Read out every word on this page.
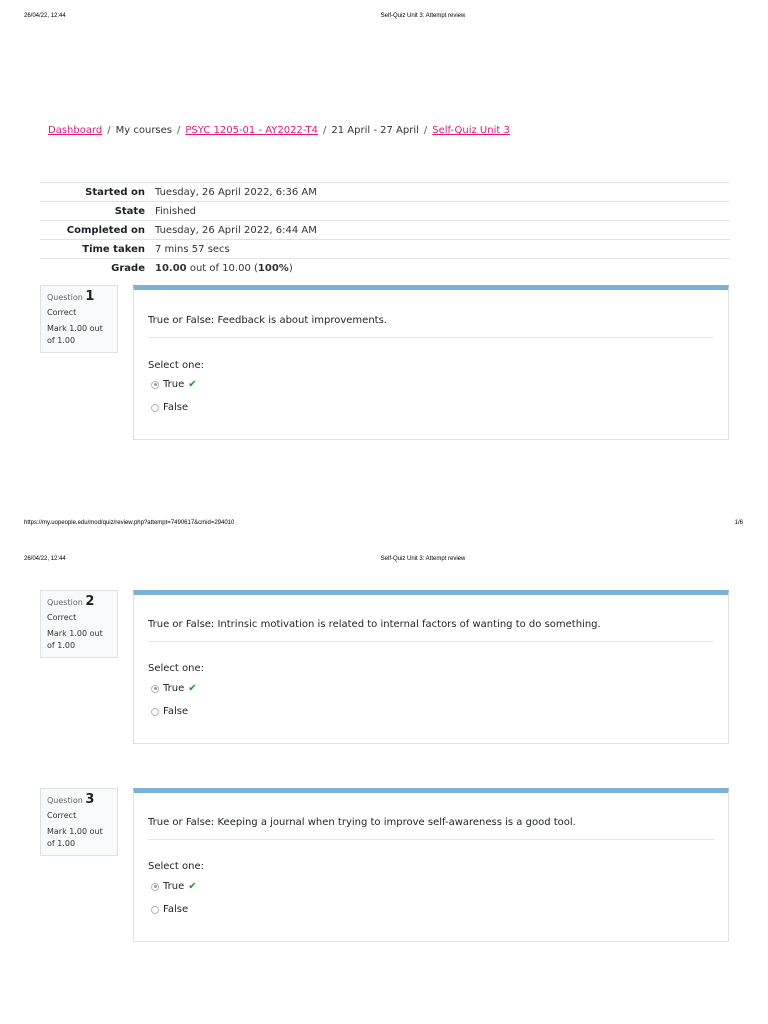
26/04/22, 12:44	Self-Quiz Unit 3: Attempt review
Dashboard / My courses / PSYC 1205-01 - AY2022-T4 / 21 April - 27 April / Self-Quiz Unit 3
Started on	Tuesday, 26 April 2022, 6:36 AM
State	Finished
Completed on	Tuesday, 26 April 2022, 6:44 AM
Time taken	7 mins 57 secs
Grade	10.00 out of 10.00 (100%)
Question 1
Correct
Mark 1.00 out of 1.00
True or False: Feedback is about improvements.
Select one:
True ✔
False
https://my.uopeople.edu/mod/quiz/review.php?attempt=7490617&cmid=294010	1/6
26/04/22, 12:44	Self-Quiz Unit 3: Attempt review
Question 2
Correct
Mark 1.00 out of 1.00
True or False: Intrinsic motivation is related to internal factors of wanting to do something.
Select one:
True ✔
False
Question 3
Correct
Mark 1.00 out of 1.00
True or False: Keeping a journal when trying to improve self-awareness is a good tool.
Select one:
True ✔
False
